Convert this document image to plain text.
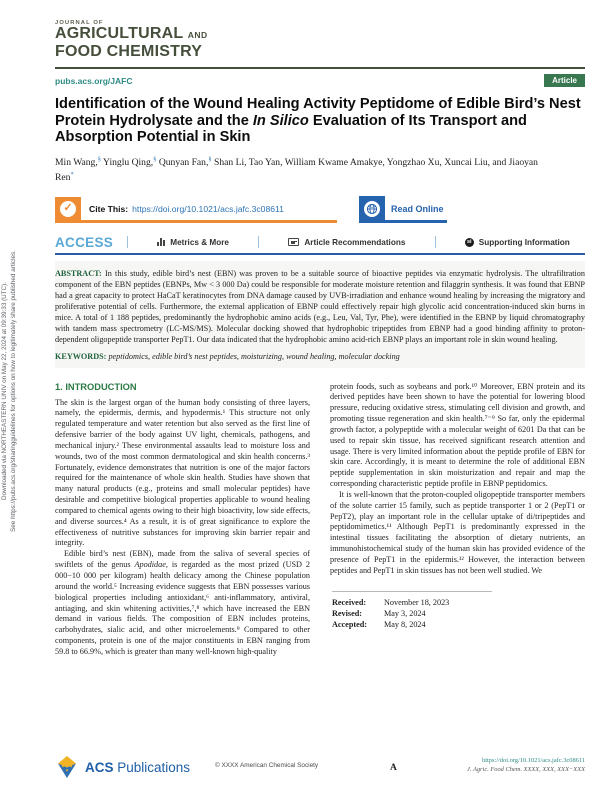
Downloaded via NORTHEASTERN UNIV on May 22, 2024 at 09:39:33 (UTC). See https://pubs.acs.org/sharingguidelines for options on how to legitimately share published articles.
JOURNAL OF
AGRICULTURAL AND
FOOD CHEMISTRY
pubs.acs.org/JAFC	Article
Identification of the Wound Healing Activity Peptidome of Edible Bird’s Nest Protein Hydrolysate and the In Silico Evaluation of Its Transport and Absorption Potential in Skin
Min Wang,§ Yinglu Qing,§ Qunyan Fan,§ Shan Li, Tao Yan, William Kwame Amakye, Yongzhao Xu, Xuncai Liu, and Jiaoyan Ren*
✓ Cite This: https://doi.org/10.1021/acs.jafc.3c08611	Read Online
ACCESS	Metrics & More	Article Recommendations	si Supporting Information

ABSTRACT: In this study, edible bird’s nest (EBN) was proven to be a suitable source of bioactive peptides via enzymatic hydrolysis. The ultrafiltration component of the EBN peptides (EBNPs, Mw < 3 000 Da) could be responsible for moderate moisture retention and filaggrin synthesis. It was found that EBNP had a great capacity to protect HaCaT keratinocytes from DNA damage caused by UVB-irradiation and enhance wound healing by increasing the migratory and proliferative potential of cells. Furthermore, the external application of EBNP could effectively repair high glycolic acid concentration-induced skin burns in mice. A total of 1 188 peptides, predominantly the hydrophobic amino acids (e.g., Leu, Val, Tyr, Phe), were identified in the EBNP by liquid chromatography with tandem mass spectrometry (LC-MS/MS). Molecular docking showed that hydrophobic tripeptides from EBNP had a good binding affinity to proton-dependent oligopeptide transporter PepT1. Our data indicated that the hydrophobic amino acid-rich EBNP plays an important role in skin wound healing.

KEYWORDS: peptidomics, edible bird’s nest peptides, moisturizing, wound healing, molecular docking

1. INTRODUCTION

The skin is the largest organ of the human body consisting of three layers, namely, the epidermis, dermis, and hypodermis.¹ This structure not only regulated temperature and water retention but also served as the first line of defensive barrier of the body against UV light, chemicals, pathogens, and mechanical injury.² These environmental assaults lead to moisture loss and wounds, two of the most common dermatological and skin health concerns.³ Fortunately, evidence demonstrates that nutrition is one of the major factors required for the maintenance of whole skin health. Studies have shown that many natural products (e.g., proteins and small molecular peptides) have desirable and competitive biological properties applicable to wound healing compared to chemical agents owing to their high bioactivity, low side effects, and diverse sources.⁴ As a result, it is of great significance to explore the effectiveness of nutritive substances for improving skin barrier repair and integrity.

Edible bird’s nest (EBN), made from the saliva of several species of swiftlets of the genus Apodidae, is regarded as the most prized (USD 2 000−10 000 per kilogram) health delicacy among the Chinese population around the world.⁵ Increasing evidence suggests that EBN possesses various biological properties including antioxidant,⁶ anti-inflammatory, antiviral, antiaging, and skin whitening activities,⁷,⁸ which have increased the EBN demand in various fields. The composition of EBN includes proteins, carbohydrates, sialic acid, and other microelements.⁹ Compared to other components, protein is one of the major constituents in EBN ranging from 59.8 to 66.9%, which is greater than many well-known high-quality

protein foods, such as soybeans and pork.¹⁰ Moreover, EBN protein and its derived peptides have been shown to have the potential for lowering blood pressure, reducing oxidative stress, stimulating cell division and growth, and promoting tissue regeneration and skin health.⁷⁻⁹ So far, only the epidermal growth factor, a polypeptide with a molecular weight of 6201 Da that can be used to repair skin tissue, has received significant research attention and usage. There is very limited information about the peptide profile of EBN for skin care. Accordingly, it is meant to determine the role of additional EBN peptide supplementation in skin moisturization and repair and map the corresponding characteristic peptide profile in EBNP peptidomics.

It is well-known that the proton-coupled oligopeptide transporter members of the solute carrier 15 family, such as peptide transporter 1 or 2 (PepT1 or PepT2), play an important role in the cellular uptake of di/tripeptides and peptidomimetics.¹¹ Although PepT1 is predominantly expressed in the intestinal tissues facilitating the absorption of dietary nutrients, an immunohistochemical study of the human skin has provided evidence of the presence of PepT1 in the epidermis.¹² However, the interaction between peptides and PepT1 in skin tissues has not been well studied. We

Received:	November 18, 2023
Revised:	May 3, 2024
Accepted:	May 8, 2024
ACS Publications	© XXXX American Chemical Society	A
https://doi.org/10.1021/acs.jafc.3c08611
J. Agric. Food Chem. XXXX, XXX, XXX−XXX
